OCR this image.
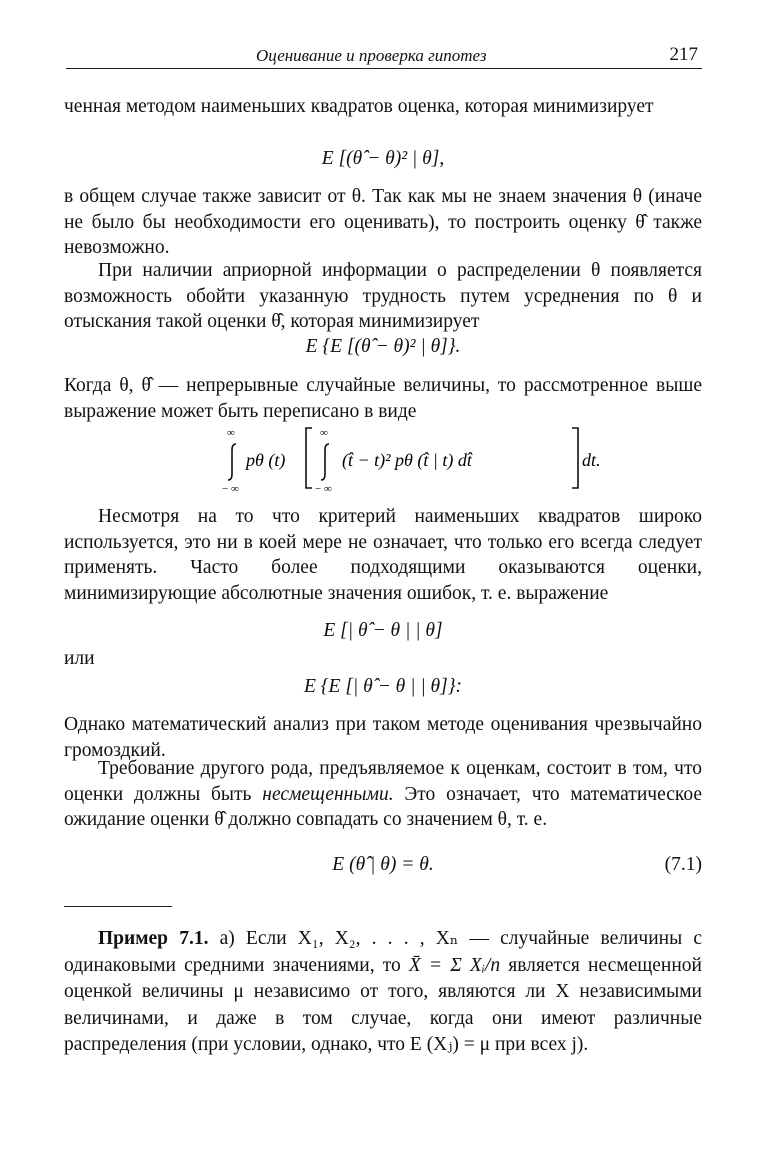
Оценивание и проверка гипотез	217

ченная методом наименьших квадратов оценка, которая минимизирует

E [(θ̂ − θ)² | θ],

в общем случае также зависит от θ. Так как мы не знаем значения θ (иначе не было бы необходимости его оценивать), то построить оценку θ̂ также невозможно.

При наличии априорной информации о распределении θ появляется возможность обойти указанную трудность путем усреднения по θ и отыскания такой оценки θ̂, которая минимизирует

E {E [(θ̂ − θ)² | θ]}.

Когда θ, θ̂ — непрерывные случайные величины, то рассмотренное выше выражение может быть переписано в виде

∞
− ∞
pθ (t)
∞
− ∞
(t̂ − t)² pθ (t̂ | t) dt̂	dt.

Несмотря на то что критерий наименьших квадратов широко используется, это ни в коей мере не означает, что только его всегда следует применять. Часто более подходящими оказываются оценки, минимизирующие абсолютные значения ошибок, т. е. выражение

E [| θ̂ − θ | | θ]

или

E {E [| θ̂ − θ | | θ]}:

Однако математический анализ при таком методе оценивания чрезвычайно громоздкий.

Требование другого рода, предъявляемое к оценкам, состоит в том, что оценки должны быть несмещенными. Это означает, что математическое ожидание оценки θ̂ должно совпадать со значением θ, т. е.

E (θ̂ | θ) = θ.	(7.1)

Пример 7.1. а) Если X₁, X₂, . . . , Xₙ — случайные величины с одинаковыми средними значениями, то X̄ = Σ Xᵢ/n является несмещенной оценкой величины μ независимо от того, являются ли X независимыми величинами, и даже в том случае, когда они имеют различные распределения (при условии, однако, что E (Xⱼ) = μ при всех j).
